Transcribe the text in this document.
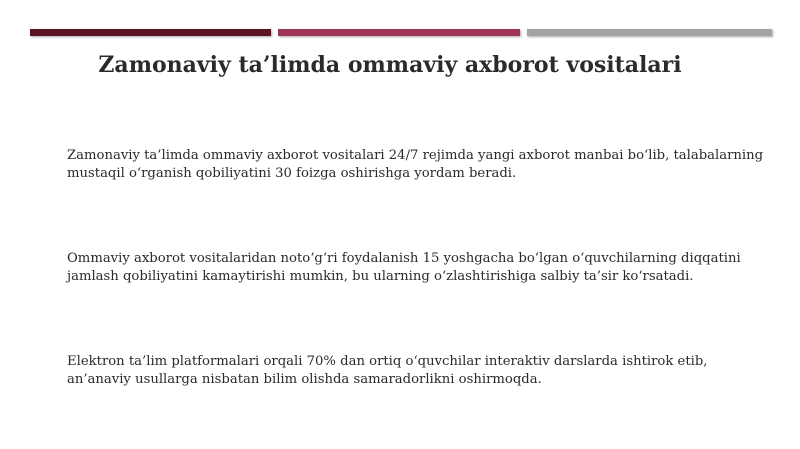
Zamonaviy ta’limda ommaviy axborot vositalari
Zamonaviy ta’limda ommaviy axborot vositalari 24/7 rejimda yangi axborot manbai bo‘lib, talabalarning mustaqil o‘rganish qobiliyatini 30 foizga oshirishga yordam beradi.
Ommaviy axborot vositalaridan noto‘g‘ri foydalanish 15 yoshgacha bo‘lgan o‘quvchilarning diqqatini jamlash qobiliyatini kamaytirishi mumkin, bu ularning o‘zlashtirishiga salbiy ta’sir ko‘rsatadi.
Elektron ta’lim platformalari orqali 70% dan ortiq o‘quvchilar interaktiv darslarda ishtirok etib, an’anaviy usullarga nisbatan bilim olishda samaradorlikni oshirmoqda.
